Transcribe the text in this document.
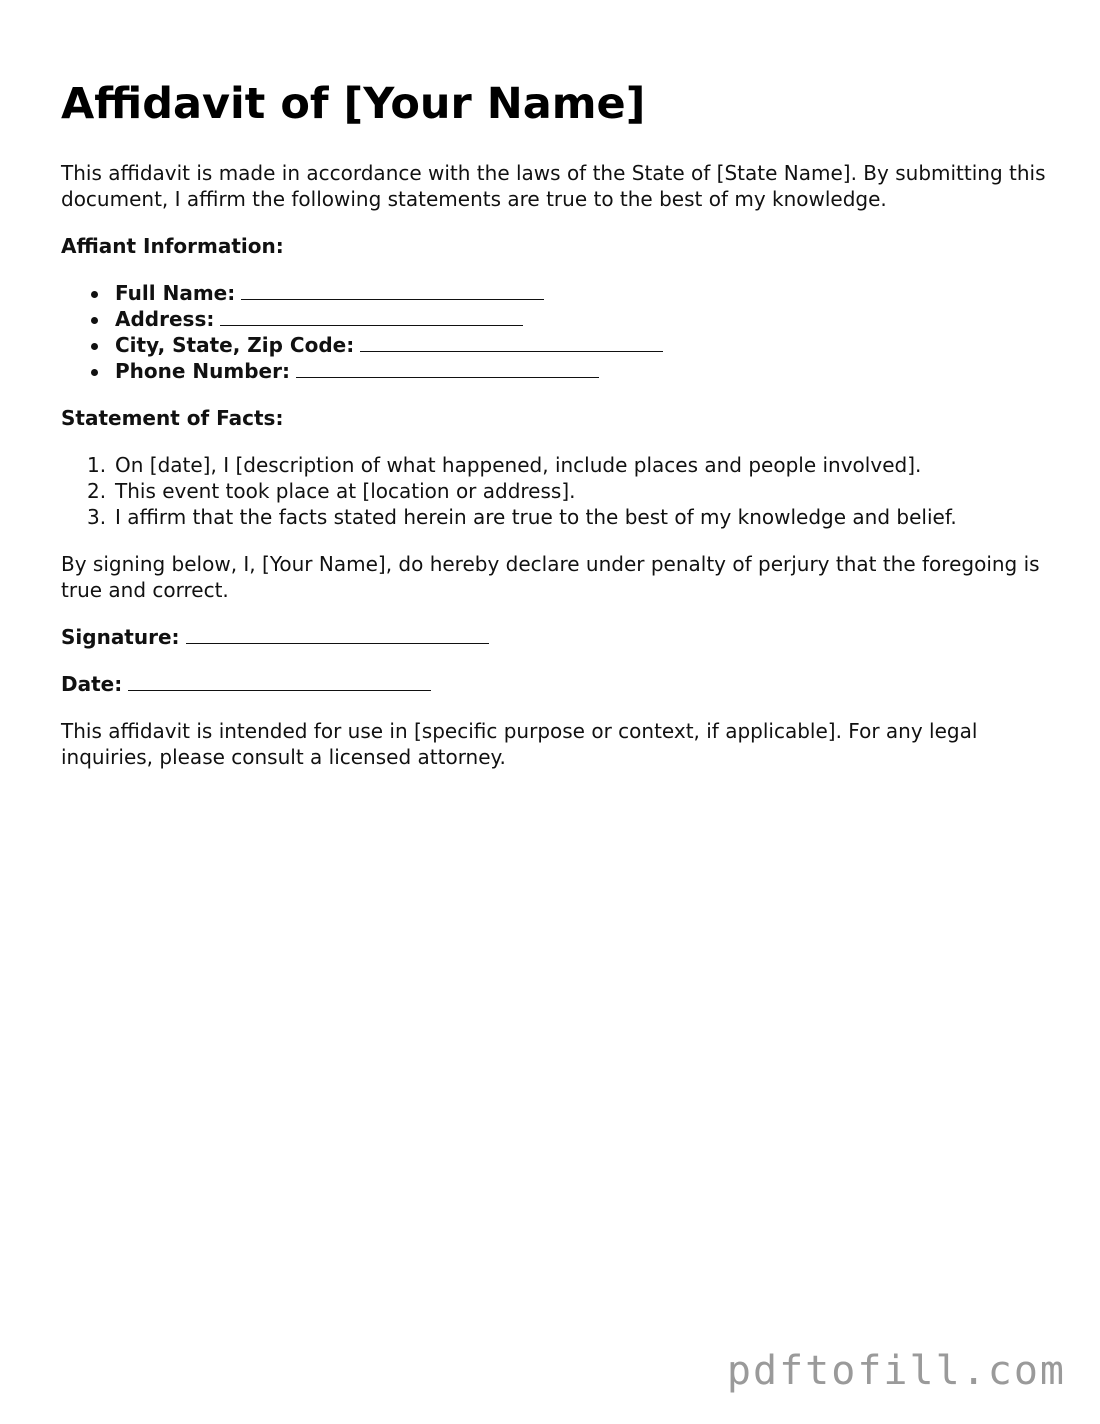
Affidavit of [Your Name]

This affidavit is made in accordance with the laws of the State of [State Name]. By submitting this document, I affirm the following statements are true to the best of my knowledge.

Affiant Information:
Full Name:
Address:
City, State, Zip Code:
Phone Number:
Statement of Facts:
1. On [date], I [description of what happened, include places and people involved].
2. This event took place at [location or address].
3. I affirm that the facts stated herein are true to the best of my knowledge and belief.

By signing below, I, [Your Name], do hereby declare under penalty of perjury that the foregoing is true and correct.

Signature:
Date:

This affidavit is intended for use in [specific purpose or context, if applicable]. For any legal inquiries, please consult a licensed attorney.

pdftofill.com
